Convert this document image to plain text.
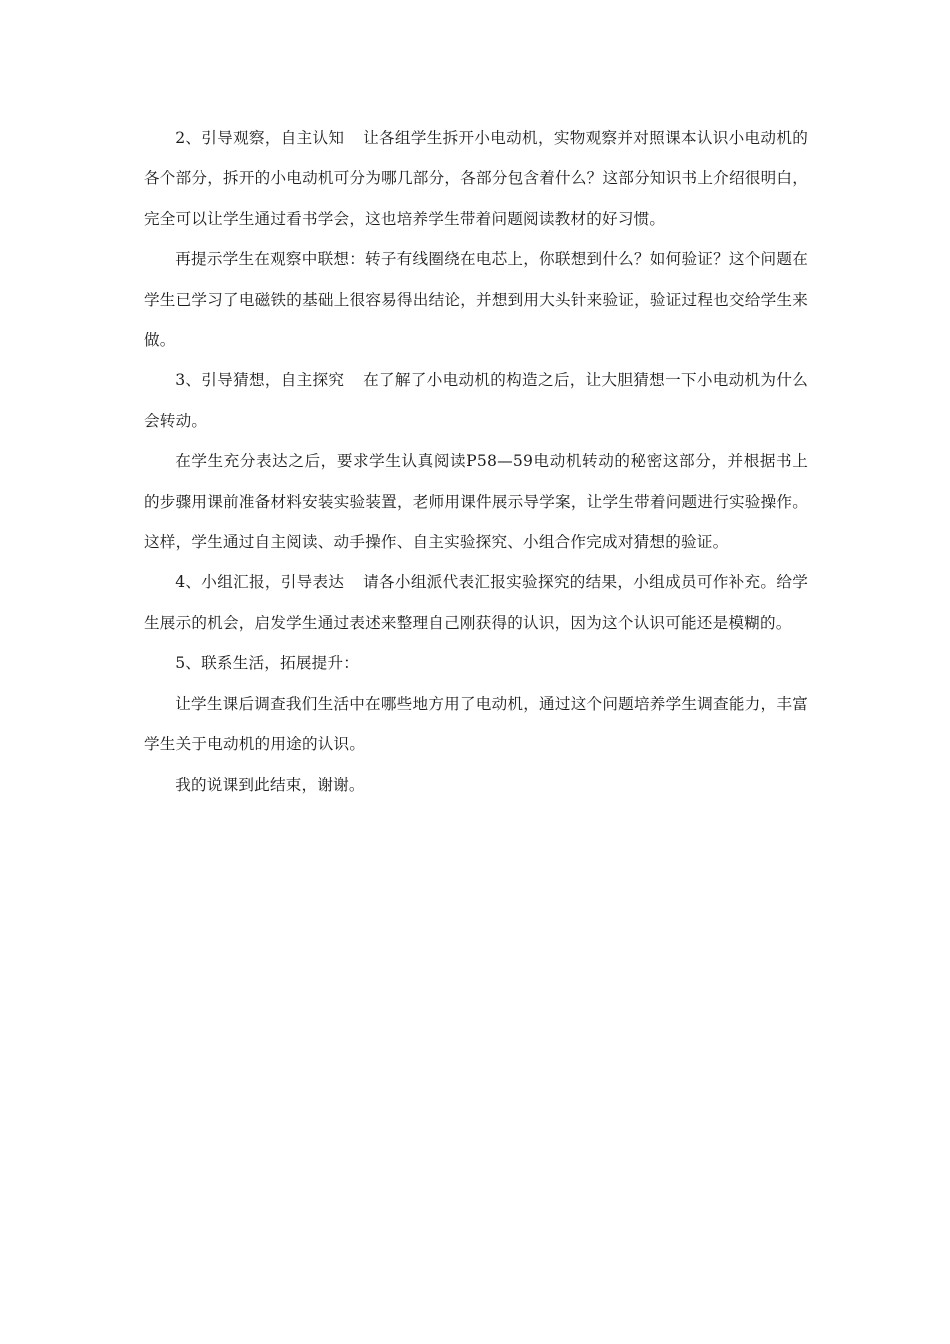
2、引导观察，自主认知 让各组学生拆开小电动机，实物观察并对照课本认识小电动机的各个部分，拆开的小电动机可分为哪几部分，各部分包含着什么？这部分知识书上介绍很明白，完全可以让学生通过看书学会，这也培养学生带着问题阅读教材的好习惯。

再提示学生在观察中联想：转子有线圈绕在电芯上，你联想到什么？如何验证？这个问题在学生已学习了电磁铁的基础上很容易得出结论，并想到用大头针来验证，验证过程也交给学生来做。

3、引导猜想，自主探究 在了解了小电动机的构造之后，让大胆猜想一下小电动机为什么会转动。

在学生充分表达之后，要求学生认真阅读P58—59电动机转动的秘密这部分，并根据书上的步骤用课前准备材料安装实验装置，老师用课件展示导学案，让学生带着问题进行实验操作。这样，学生通过自主阅读、动手操作、自主实验探究、小组合作完成对猜想的验证。

4、小组汇报，引导表达 请各小组派代表汇报实验探究的结果，小组成员可作补充。给学生展示的机会，启发学生通过表述来整理自己刚获得的认识，因为这个认识可能还是模糊的。

5、联系生活，拓展提升：

让学生课后调查我们生活中在哪些地方用了电动机，通过这个问题培养学生调查能力，丰富学生关于电动机的用途的认识。

我的说课到此结束，谢谢。
